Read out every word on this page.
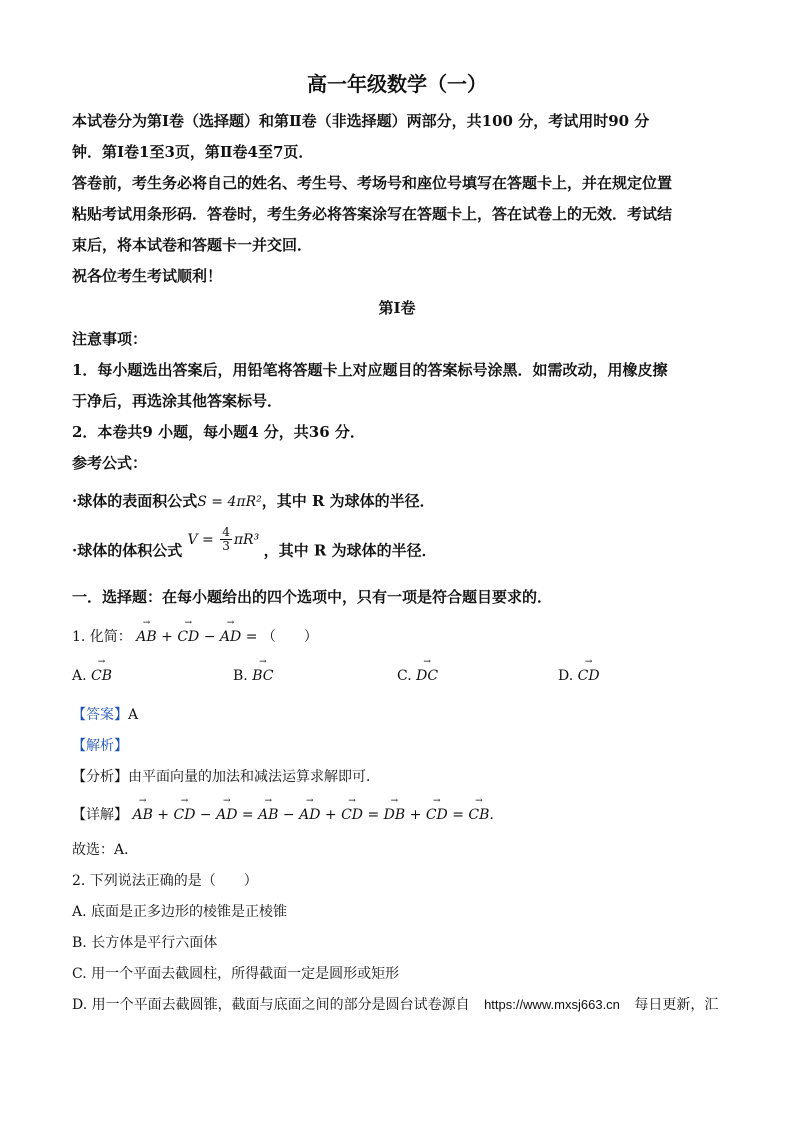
高一年级数学（一）
本试卷分为第Ⅰ卷（选择题）和第Ⅱ卷（非选择题）两部分，共100 分，考试用时90 分
钟．第Ⅰ卷1至3页，第Ⅱ卷4至7页．
答卷前，考生务必将自己的姓名、考生号、考场号和座位号填写在答题卡上，并在规定位置
粘贴考试用条形码．答卷时，考生务必将答案涂写在答题卡上，答在试卷上的无效．考试结
束后，将本试卷和答题卡一并交回．
祝各位考生考试顺利！
第Ⅰ卷
注意事项：
1．每小题选出答案后，用铅笔将答题卡上对应题目的答案标号涂黑．如需改动，用橡皮擦
于净后，再选涂其他答案标号．
2．本卷共9 小题，每小题4 分，共36 分．
参考公式：
·球体的表面积公式S = 4πR²，其中 R 为球体的半径．
·球体的体积公式 $V = \frac{4}{3} \pi R^3$ ，其中 R 为球体的半径．
一．选择题：在每小题给出的四个选项中，只有一项是符合题目要求的．
1. 化简： → AB + → CD − → AD = （　　）
A. → CB	B. → BC	C. → DC	D. → CD
【答案】A
【解析】
【分析】由平面向量的加法和减法运算求解即可．
【详解】 → AB + → CD − → AD = → AB − → AD + → CD = → DB + → CD = → CB.
故选：A．
2. 下列说法正确的是（　　）
A. 底面是正多边形的棱锥是正棱锥
B. 长方体是平行六面体
C. 用一个平面去截圆柱，所得截面一定是圆形或矩形
D. 用一个平面去截圆锥，截面与底面之间的部分是圆台试卷源自 https://www.mxsj663.cn 每日更新，汇
